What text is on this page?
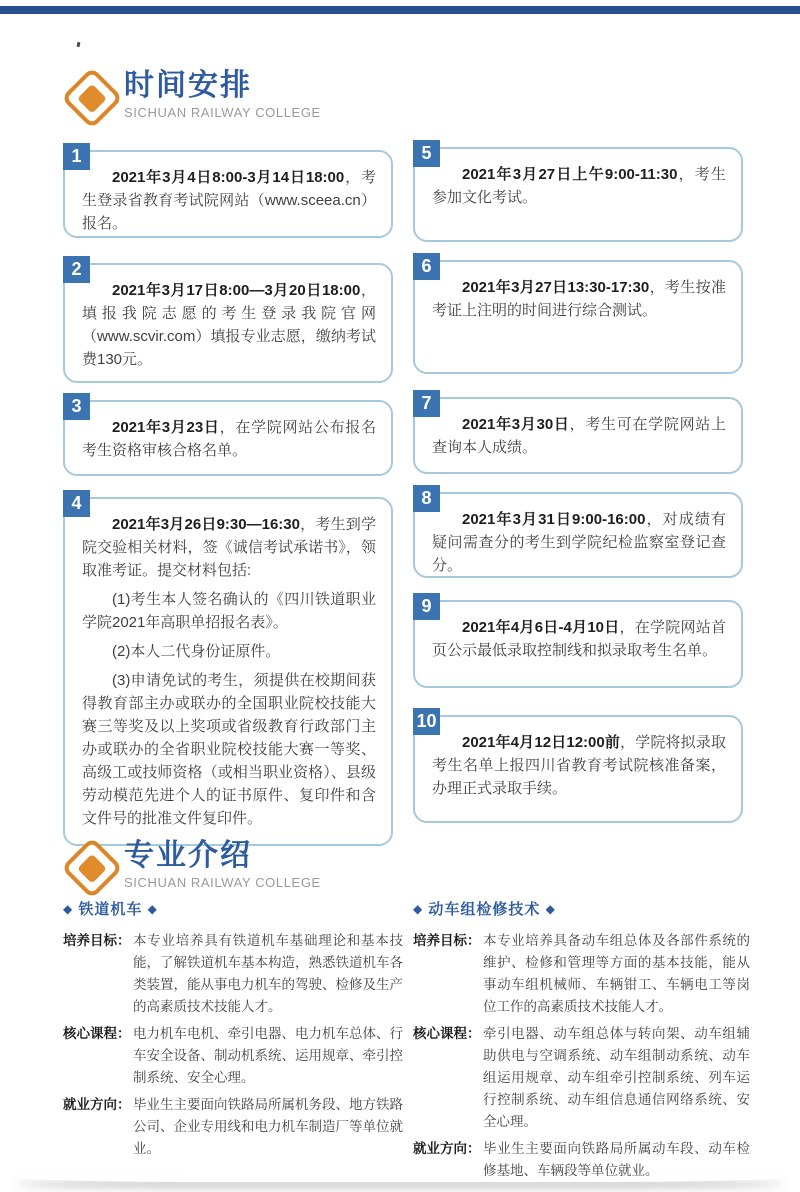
时间安排
SICHUAN RAILWAY COLLEGE
1

2021年3月4日8:00-3月14日18:00，考生登录省教育考试院网站（www.sceea.cn）报名。

2

2021年3月17日8:00—3月20日18:00，填报我院志愿的考生登录我院官网（www.scvir.com）填报专业志愿，缴纳考试费130元。

3

2021年3月23日，在学院网站公布报名考生资格审核合格名单。

4

2021年3月26日9:30—16:30，考生到学院交验相关材料，签《诚信考试承诺书》，领取准考证。提交材料包括:

(1)考生本人签名确认的《四川铁道职业学院2021年高职单招报名表》。

(2)本人二代身份证原件。

(3)申请免试的考生，须提供在校期间获得教育部主办或联办的全国职业院校技能大赛三等奖及以上奖项或省级教育行政部门主办或联办的全省职业院校技能大赛一等奖、高级工或技师资格（或相当职业资格）、县级劳动模范先进个人的证书原件、复印件和含文件号的批准文件复印件。

5

2021年3月27日上午9:00-11:30，考生参加文化考试。

6

2021年3月27日13:30-17:30，考生按准考证上注明的时间进行综合测试。

7

2021年3月30日，考生可在学院网站上查询本人成绩。

8

2021年3月31日9:00-16:00，对成绩有疑问需查分的考生到学院纪检监察室登记查分。

9

2021年4月6日-4月10日，在学院网站首页公示最低录取控制线和拟录取考生名单。

10

2021年4月12日12:00前，学院将拟录取考生名单上报四川省教育考试院核准备案，办理正式录取手续。

专业介绍
SICHUAN RAILWAY COLLEGE
◆ 铁道机车 ◆
培养目标： 本专业培养具有铁道机车基础理论和基本技能，了解铁道机车基本构造，熟悉铁道机车各类装置，能从事电力机车的驾驶、检修及生产的高素质技术技能人才。
核心课程： 电力机车电机、牵引电器、电力机车总体、行车安全设备、制动机系统、运用规章、牵引控制系统、安全心理。
就业方向： 毕业生主要面向铁路局所属机务段、地方铁路公司、企业专用线和电力机车制造厂等单位就业。
◆ 动车组检修技术 ◆
培养目标： 本专业培养具备动车组总体及各部件系统的维护、检修和管理等方面的基本技能，能从事动车组机械师、车辆钳工、车辆电工等岗位工作的高素质技术技能人才。
核心课程： 牵引电器、动车组总体与转向架、动车组辅助供电与空调系统、动车组制动系统、动车组运用规章、动车组牵引控制系统、列车运行控制系统、动车组信息通信网络系统、安全心理。
就业方向： 毕业生主要面向铁路局所属动车段、动车检修基地、车辆段等单位就业。
